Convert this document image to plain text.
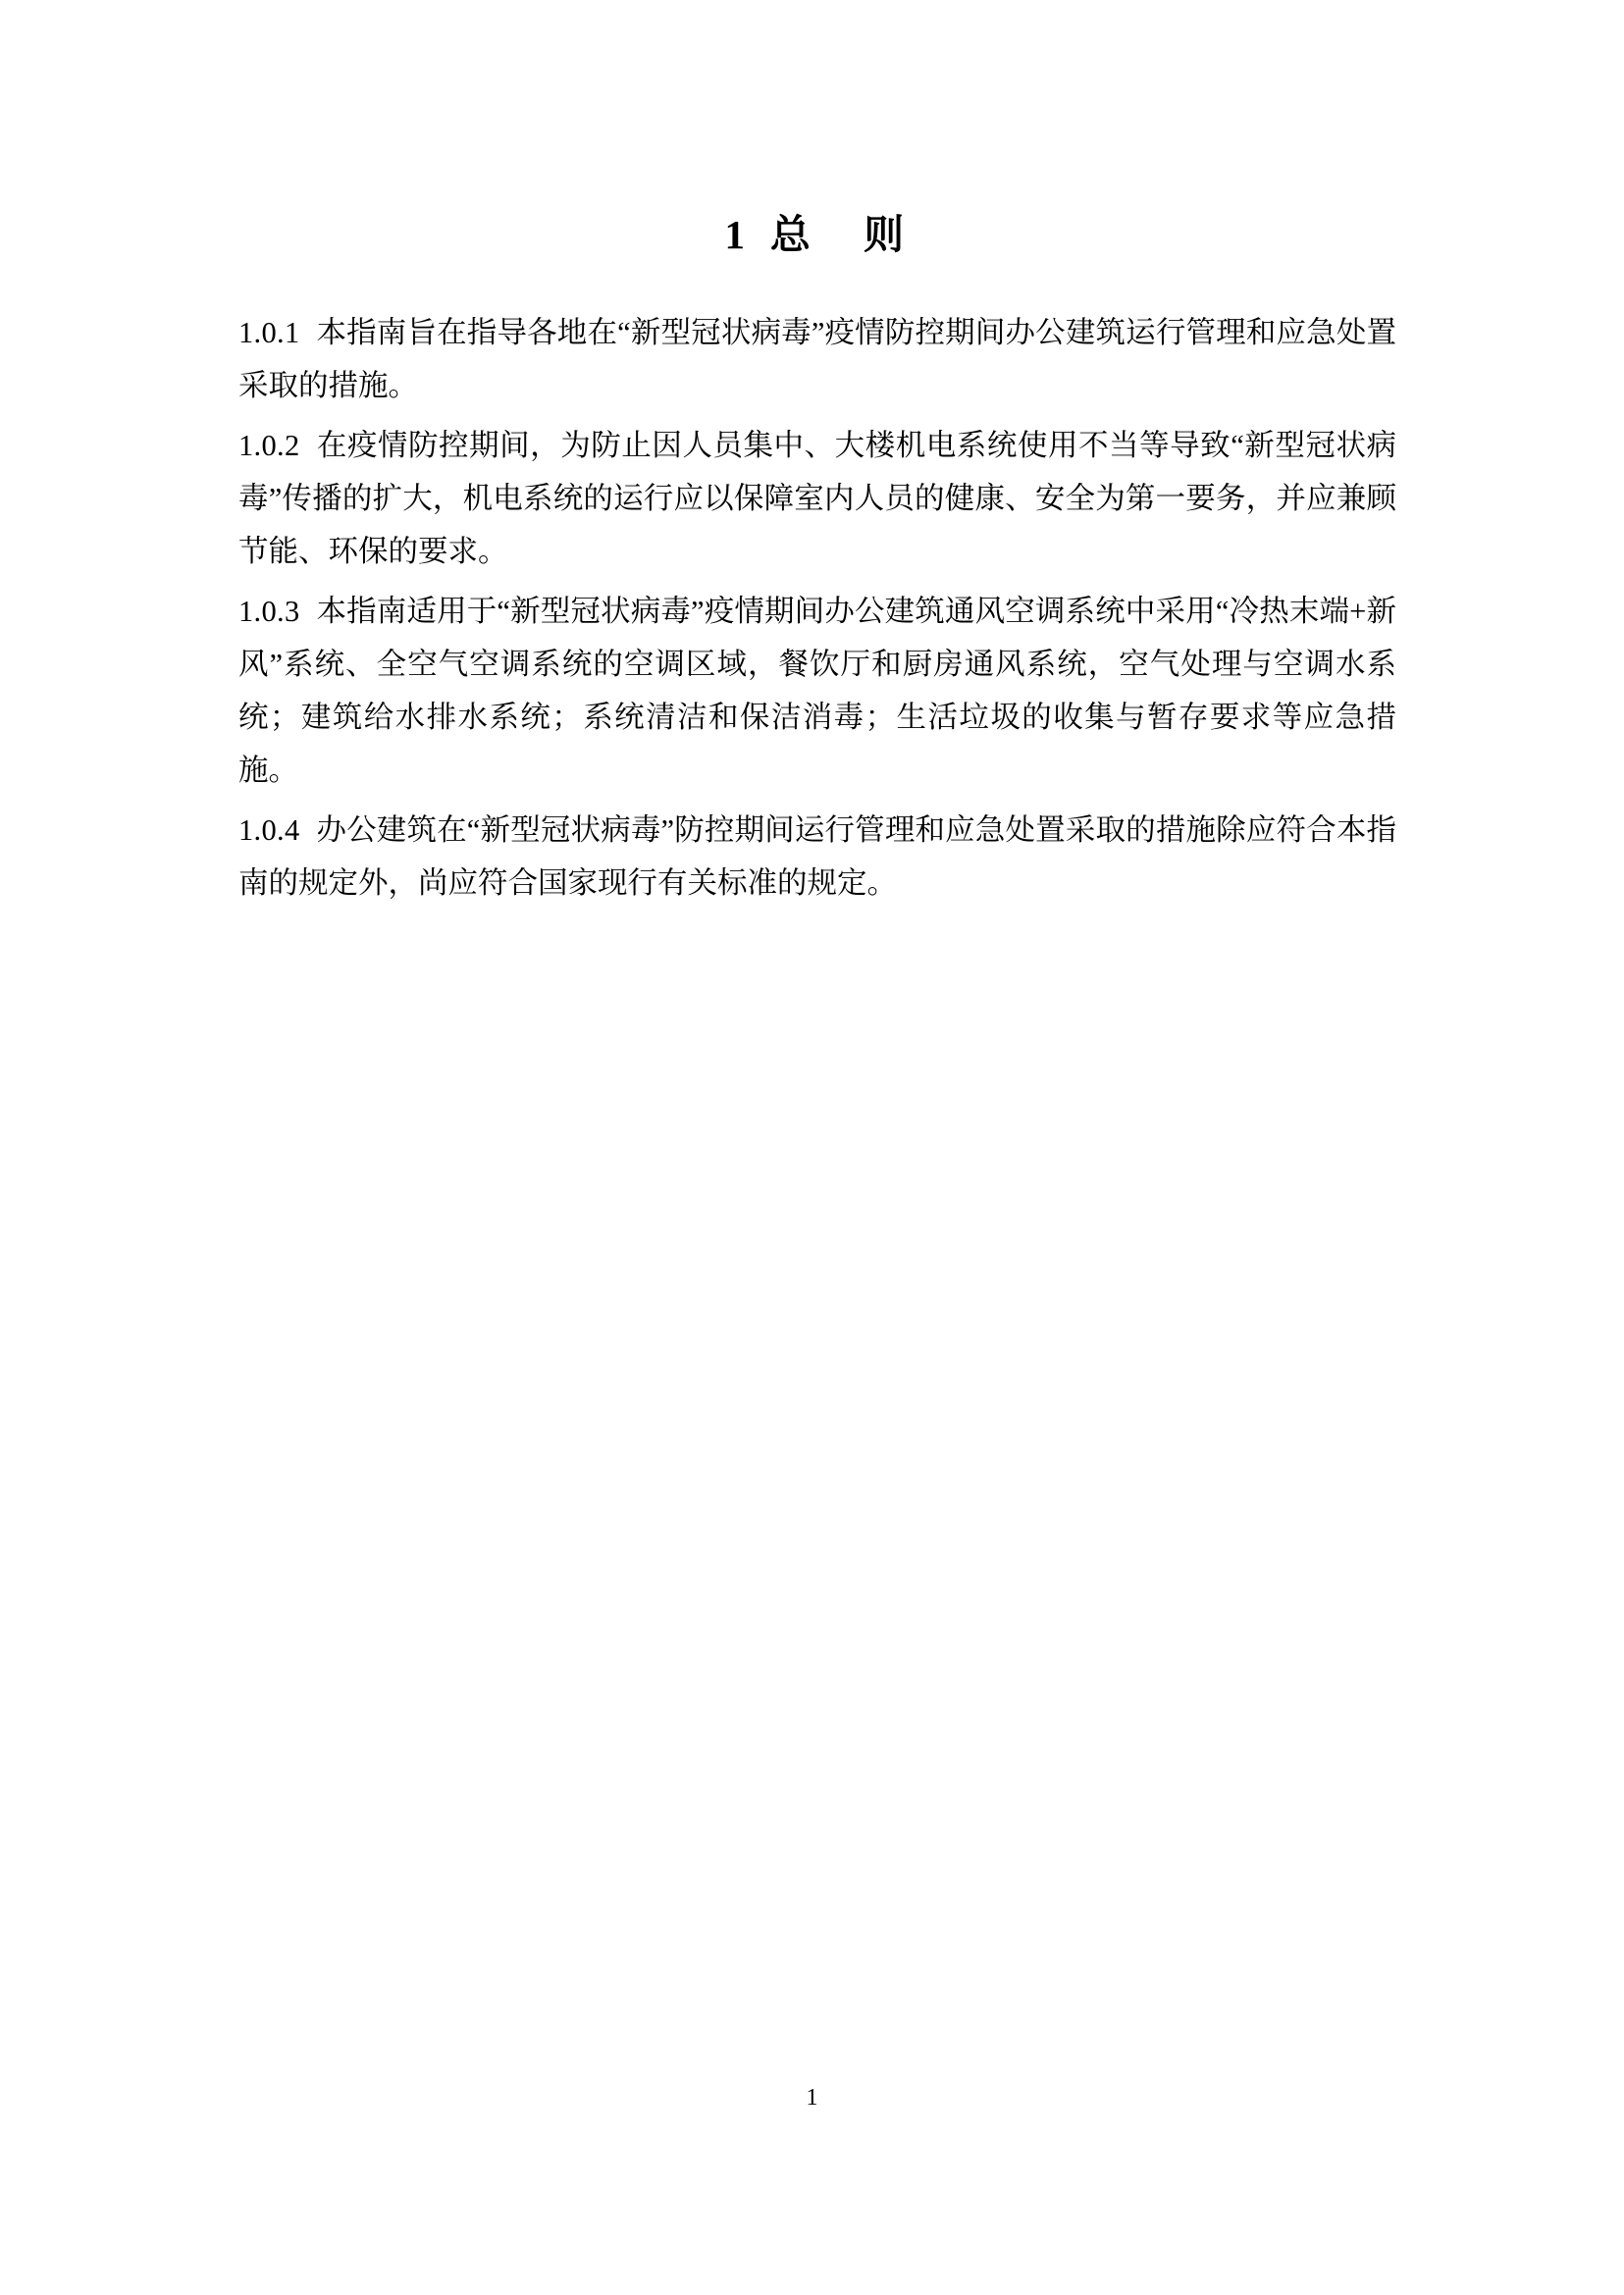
1 总　则

1.0.1 本指南旨在指导各地在“新型冠状病毒”疫情防控期间办公建筑运行管理和应急处置采取的措施。

1.0.2 在疫情防控期间，为防止因人员集中、大楼机电系统使用不当等导致“新型冠状病毒”传播的扩大，机电系统的运行应以保障室内人员的健康、安全为第一要务，并应兼顾节能、环保的要求。

1.0.3 本指南适用于“新型冠状病毒”疫情期间办公建筑通风空调系统中采用“冷热末端+新风”系统、全空气空调系统的空调区域，餐饮厅和厨房通风系统，空气处理与空调水系统；建筑给水排水系统；系统清洁和保洁消毒；生活垃圾的收集与暂存要求等应急措施。

1.0.4 办公建筑在“新型冠状病毒”防控期间运行管理和应急处置采取的措施除应符合本指南的规定外，尚应符合国家现行有关标准的规定。

1
